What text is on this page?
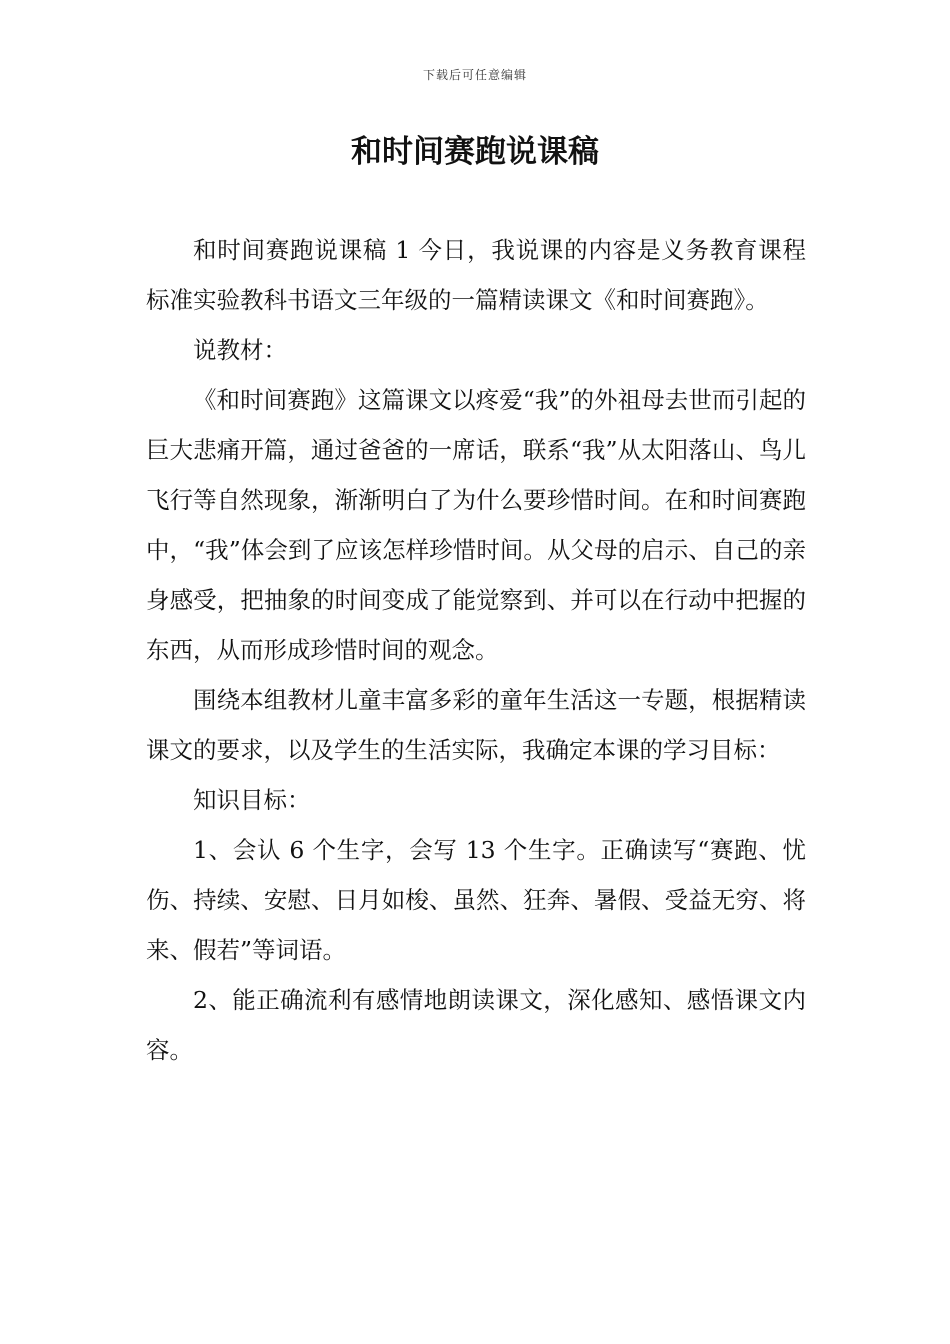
下载后可任意编辑
和时间赛跑说课稿

和时间赛跑说课稿 1 今日，我说课的内容是义务教育课程标准实验教科书语文三年级的一篇精读课文《和时间赛跑》。

说教材：

《和时间赛跑》这篇课文以疼爱“我”的外祖母去世而引起的巨大悲痛开篇，通过爸爸的一席话，联系“我”从太阳落山、鸟儿飞行等自然现象，渐渐明白了为什么要珍惜时间。在和时间赛跑中，“我”体会到了应该怎样珍惜时间。从父母的启示、自己的亲身感受，把抽象的时间变成了能觉察到、并可以在行动中把握的东西，从而形成珍惜时间的观念。

围绕本组教材儿童丰富多彩的童年生活这一专题，根据精读课文的要求，以及学生的生活实际，我确定本课的学习目标：

知识目标：

1、会认 6 个生字，会写 13 个生字。正确读写“赛跑、忧伤、持续、安慰、日月如梭、虽然、狂奔、暑假、受益无穷、将来、假若”等词语。

2、能正确流利有感情地朗读课文，深化感知、感悟课文内容。
